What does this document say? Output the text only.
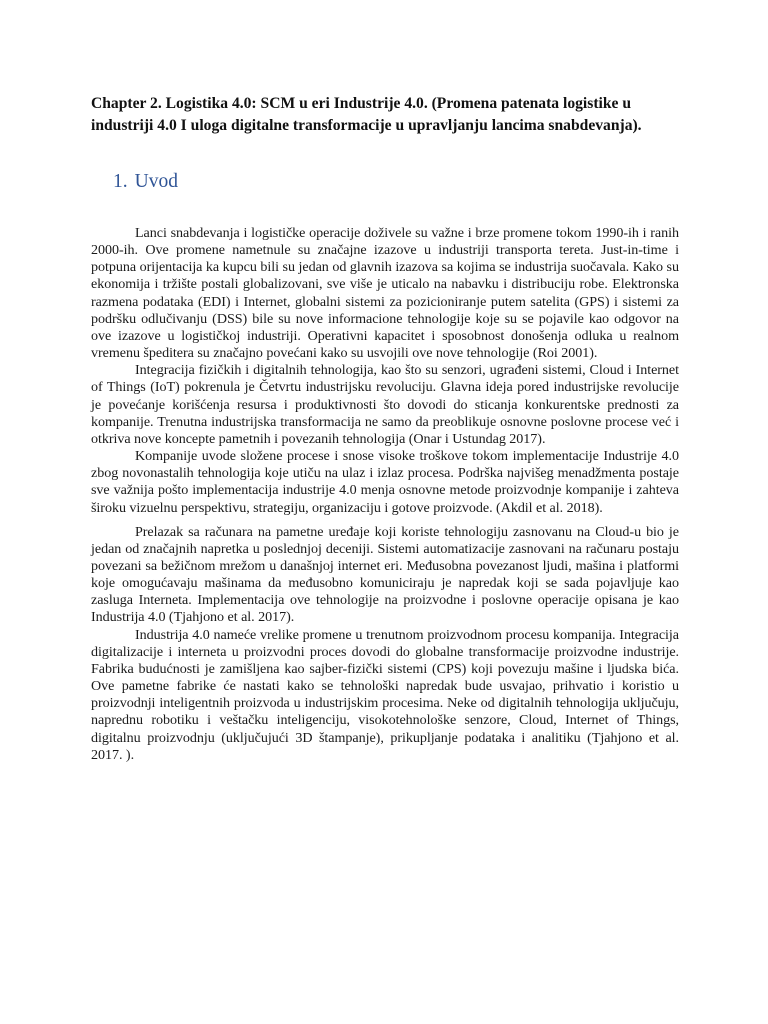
Chapter 2. Logistika 4.0: SCM u eri Industrije 4.0. (Promena patenata logistike u industriji 4.0 I uloga digitalne transformacije u upravljanju lancima snabdevanja).
1. Uvod

Lanci snabdevanja i logističke operacije doživele su važne i brze promene tokom 1990-ih i ranih 2000-ih. Ove promene nametnule su značajne izazove u industriji transporta tereta. Just-in-time i potpuna orijentacija ka kupcu bili su jedan od glavnih izazova sa kojima se industrija suočavala. Kako su ekonomija i tržište postali globalizovani, sve više je uticalo na nabavku i distribuciju robe. Elektronska razmena podataka (EDI) i Internet, globalni sistemi za pozicioniranje putem satelita (GPS) i sistemi za podršku odlučivanju (DSS) bile su nove informacione tehnologije koje su se pojavile kao odgovor na ove izazove u logističkoj industriji. Operativni kapacitet i sposobnost donošenja odluka u realnom vremenu špeditera su značajno povećani kako su usvojili ove nove tehnologije (Roi 2001).

Integracija fizičkih i digitalnih tehnologija, kao što su senzori, ugrađeni sistemi, Cloud i Internet of Things (IoT) pokrenula je Četvrtu industrijsku revoluciju. Glavna ideja pored industrijske revolucije je povećanje korišćenja resursa i produktivnosti što dovodi do sticanja konkurentske prednosti za kompanije. Trenutna industrijska transformacija ne samo da preoblikuje osnovne poslovne procese već i otkriva nove koncepte pametnih i povezanih tehnologija (Onar i Ustundag 2017).

Kompanije uvode složene procese i snose visoke troškove tokom implementacije Industrije 4.0 zbog novonastalih tehnologija koje utiču na ulaz i izlaz procesa. Podrška najvišeg menadžmenta postaje sve važnija pošto implementacija industrije 4.0 menja osnovne metode proizvodnje kompanije i zahteva široku vizuelnu perspektivu, strategiju, organizaciju i gotove proizvode. (Akdil et al. 2018).

Prelazak sa računara na pametne uređaje koji koriste tehnologiju zasnovanu na Cloud-u bio je jedan od značajnih napretka u poslednjoj deceniji. Sistemi automatizacije zasnovani na računaru postaju povezani sa bežičnom mrežom u današnjoj internet eri. Međusobna povezanost ljudi, mašina i platformi koje omogućavaju mašinama da međusobno komuniciraju je napredak koji se sada pojavljuje kao zasluga Interneta. Implementacija ove tehnologije na proizvodne i poslovne operacije opisana je kao Industrija 4.0 (Tjahjono et al. 2017).

Industrija 4.0 nameće vrelike promene u trenutnom proizvodnom procesu kompanija. Integracija digitalizacije i interneta u proizvodni proces dovodi do globalne transformacije proizvodne industrije. Fabrika budućnosti je zamišljena kao sajber-fizički sistemi (CPS) koji povezuju mašine i ljudska bića. Ove pametne fabrike će nastati kako se tehnološki napredak bude usvajao, prihvatio i koristio u proizvodnji inteligentnih proizvoda u industrijskim procesima. Neke od digitalnih tehnologija uključuju, naprednu robotiku i veštačku inteligenciju, visokotehnološke senzore, Cloud, Internet of Things, digitalnu proizvodnju (uključujući 3D štampanje), prikupljanje podataka i analitiku (Tjahjono et al. 2017. ).
